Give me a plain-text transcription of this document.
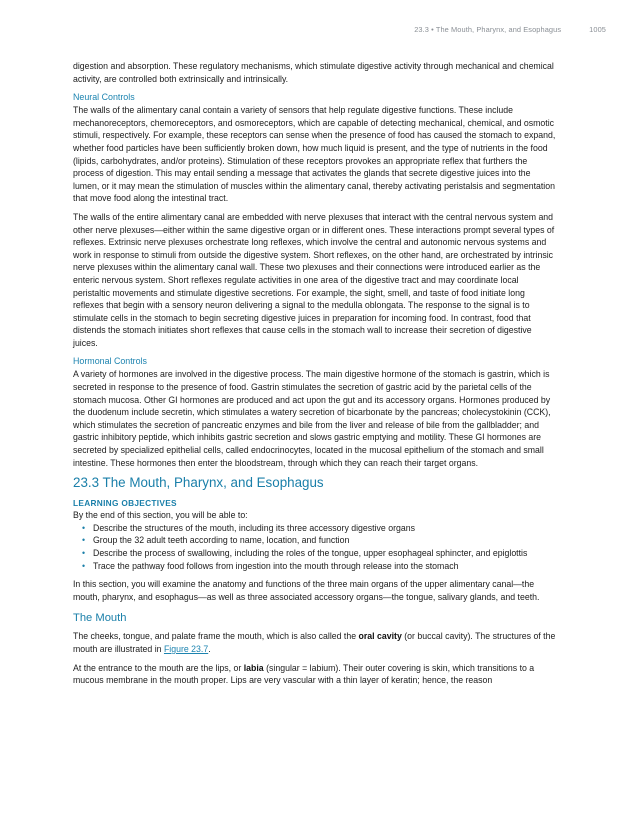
23.3 • The Mouth, Pharynx, and Esophagus	1005

digestion and absorption. These regulatory mechanisms, which stimulate digestive activity through mechanical and chemical activity, are controlled both extrinsically and intrinsically.

Neural Controls

The walls of the alimentary canal contain a variety of sensors that help regulate digestive functions. These include mechanoreceptors, chemoreceptors, and osmoreceptors, which are capable of detecting mechanical, chemical, and osmotic stimuli, respectively. For example, these receptors can sense when the presence of food has caused the stomach to expand, whether food particles have been sufficiently broken down, how much liquid is present, and the type of nutrients in the food (lipids, carbohydrates, and/or proteins). Stimulation of these receptors provokes an appropriate reflex that furthers the process of digestion. This may entail sending a message that activates the glands that secrete digestive juices into the lumen, or it may mean the stimulation of muscles within the alimentary canal, thereby activating peristalsis and segmentation that move food along the intestinal tract.

The walls of the entire alimentary canal are embedded with nerve plexuses that interact with the central nervous system and other nerve plexuses—either within the same digestive organ or in different ones. These interactions prompt several types of reflexes. Extrinsic nerve plexuses orchestrate long reflexes, which involve the central and autonomic nervous systems and work in response to stimuli from outside the digestive system. Short reflexes, on the other hand, are orchestrated by intrinsic nerve plexuses within the alimentary canal wall. These two plexuses and their connections were introduced earlier as the enteric nervous system. Short reflexes regulate activities in one area of the digestive tract and may coordinate local peristaltic movements and stimulate digestive secretions. For example, the sight, smell, and taste of food initiate long reflexes that begin with a sensory neuron delivering a signal to the medulla oblongata. The response to the signal is to stimulate cells in the stomach to begin secreting digestive juices in preparation for incoming food. In contrast, food that distends the stomach initiates short reflexes that cause cells in the stomach wall to increase their secretion of digestive juices.

Hormonal Controls

A variety of hormones are involved in the digestive process. The main digestive hormone of the stomach is gastrin, which is secreted in response to the presence of food. Gastrin stimulates the secretion of gastric acid by the parietal cells of the stomach mucosa. Other GI hormones are produced and act upon the gut and its accessory organs. Hormones produced by the duodenum include secretin, which stimulates a watery secretion of bicarbonate by the pancreas; cholecystokinin (CCK), which stimulates the secretion of pancreatic enzymes and bile from the liver and release of bile from the gallbladder; and gastric inhibitory peptide, which inhibits gastric secretion and slows gastric emptying and motility. These GI hormones are secreted by specialized epithelial cells, called endocrinocytes, located in the mucosal epithelium of the stomach and small intestine. These hormones then enter the bloodstream, through which they can reach their target organs.

23.3 The Mouth, Pharynx, and Esophagus
LEARNING OBJECTIVES

By the end of this section, you will be able to:

• Describe the structures of the mouth, including its three accessory digestive organs
• Group the 32 adult teeth according to name, location, and function
• Describe the process of swallowing, including the roles of the tongue, upper esophageal sphincter, and epiglottis
• Trace the pathway food follows from ingestion into the mouth through release into the stomach

In this section, you will examine the anatomy and functions of the three main organs of the upper alimentary canal—the mouth, pharynx, and esophagus—as well as three associated accessory organs—the tongue, salivary glands, and teeth.

The Mouth

The cheeks, tongue, and palate frame the mouth, which is also called the oral cavity (or buccal cavity). The structures of the mouth are illustrated in Figure 23.7.

At the entrance to the mouth are the lips, or labia (singular = labium). Their outer covering is skin, which transitions to a mucous membrane in the mouth proper. Lips are very vascular with a thin layer of keratin; hence, the reason
